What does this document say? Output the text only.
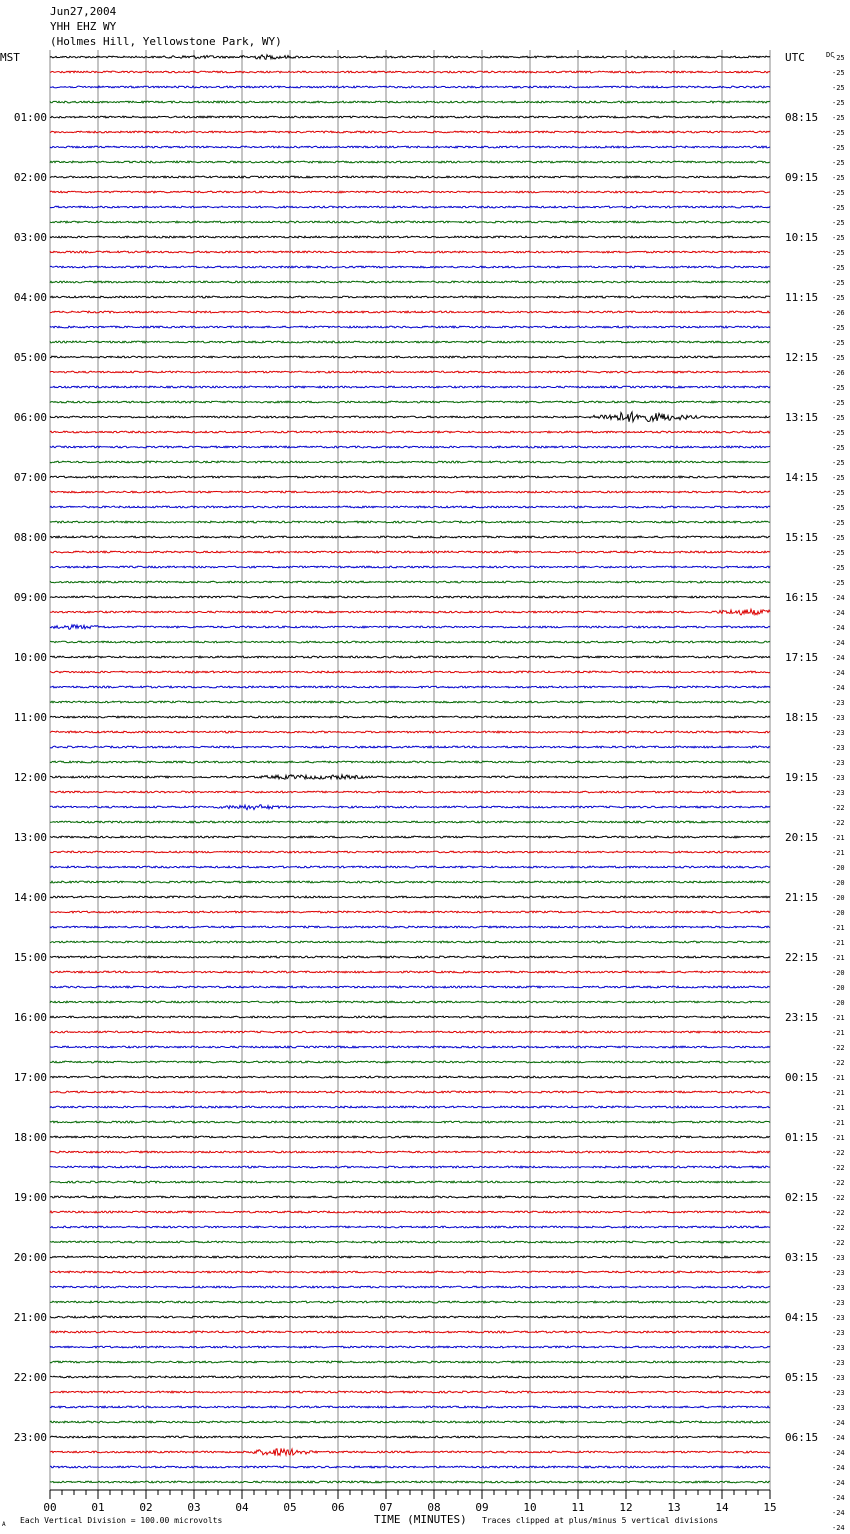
Jun27,2004
YHH EHZ WY
(Holmes Hill, Yellowstone Park, WY)
UTC
01:00	08:15
02:00	09:15
03:00	10:15
04:00	11:15
05:00	12:15
06:00	13:15
07:00	14:15
08:00	15:15
09:00	16:15
10:00	17:15
11:00	18:15
12:00	19:15
13:00	20:15
14:00	21:15
15:00	22:15
16:00	23:15
17:00	00:15
18:00	01:15
19:00	02:15
20:00	03:15
21:00	04:15
22:00	05:15
23:00	06:15
-25
-25
-25
-25
-25
-25
-25
-25
-25
-25
-25
-25
-25
-25
-25
-25
-25
-26
-25
-25
-25
-26
-25
-25
-25
-25
-25
-25
-25
-25
-25
-25
-25
-25
-25
-25
-24
-24
-24
-24
-24
-24
-24
-23
-23
-23
-23
-23
-23
-23
-22
-22
-21
-21
-20
-20
-20
-20
-21
-21
-21
-20
-20
-20
-21
-21
-22
-22
-21
-21
-21
-21
-21
-22
-22
-22
-22
-22
-22
-22
-23
-23
-23
-23
-23
-23
-23
-23
-23
-23
-23
-24
-24
-24
-24
-24
-24
-24
-24
00	01	02	03	04	05	06	07	08	09	10	11	12	13	14	15
MST	DC
A Each Vertical Division = 100.00 microvolts	TIME (MINUTES) Traces clipped at plus/minus 5 vertical divisions
